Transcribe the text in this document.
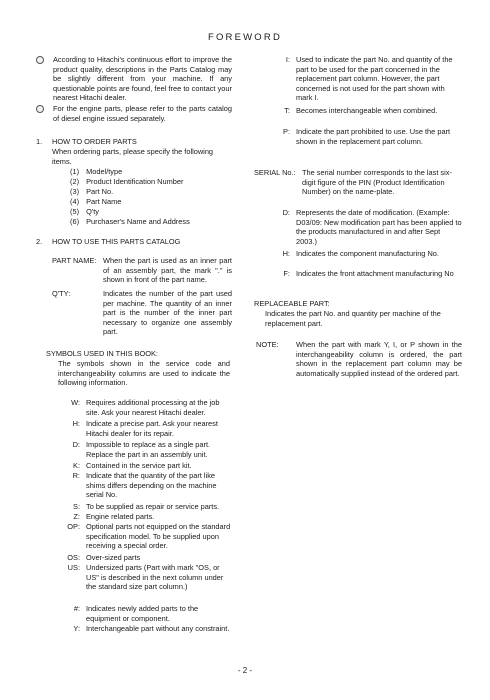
FOREWORD
According to Hitachi's continuous effort to improve the product quality, descriptions in the Parts Catalog may be slightly different from your machine. If any questionable points are found, feel free to contact your nearest Hitachi dealer.
For the engine parts, please refer to the parts catalog of diesel engine issued separately.
1. HOW TO ORDER PARTS
When ordering parts, please specify the following items.
(1) Model/type
(2) Product Identification Number
(3) Part No.
(4) Part Name
(5) Q'ty
(6) Purchaser's Name and Address
2. HOW TO USE THIS PARTS CATALOG
PART NAME: When the part is used as an inner part of an assembly part, the mark "." is shown in front of the part name.
Q'TY:	Indicates the number of the part used per machine. The quantity of an inner part is the number of the inner part necessary to organize one assembly part.
SYMBOLS USED IN THIS BOOK:
The symbols shown in the service code and interchangeability columns are used to indicate the following information.
W: Requires additional processing at the job site. Ask your nearest Hitachi dealer.
H: Indicate a precise part. Ask your nearest Hitachi dealer for its repair.
D: Impossible to replace as a single part. Replace the part in an assembly unit.
K: Contained in the service part kit.
R: Indicate that the quantity of the part like shims differs depending on the machine serial No.
S: To be supplied as repair or service parts.
Z: Engine related parts.
OP: Optional parts not equipped on the standard specification model. To be supplied upon receiving a special order.
OS: Over-sized parts
US: Undersized parts (Part with mark "OS, or US" is described in the next column under the standard size part column.)
#: Indicates newly added parts to the equipment or component.
Y: Interchangeable part without any constraint.
I: Used to indicate the part No. and quantity of the part to be used for the part concerned in the replacement part column. However, the part concerned is not used for the part shown with mark I.
T: Becomes interchangeable when combined.
P: Indicate the part prohibited to use. Use the part shown in the replacement part column.
SERIAL No.: The serial number corresponds to the last six-digit figure of the PIN (Product Identification Number) on the name-plate.
D: Represents the date of modification. (Example: D03/09: New modification part has been applied to the products manufactured in and after Sept 2003.)
H: Indicates the component manufacturing No.
F: Indicates the front attachment manufacturing No
REPLACEABLE PART:
Indicates the part No. and quantity per machine of the replacement part.
NOTE:	When the part with mark Y, I, or P shown in the interchangeability column is ordered, the part shown in the replacement part column may be automatically supplied instead of the ordered part.
- 2 -
